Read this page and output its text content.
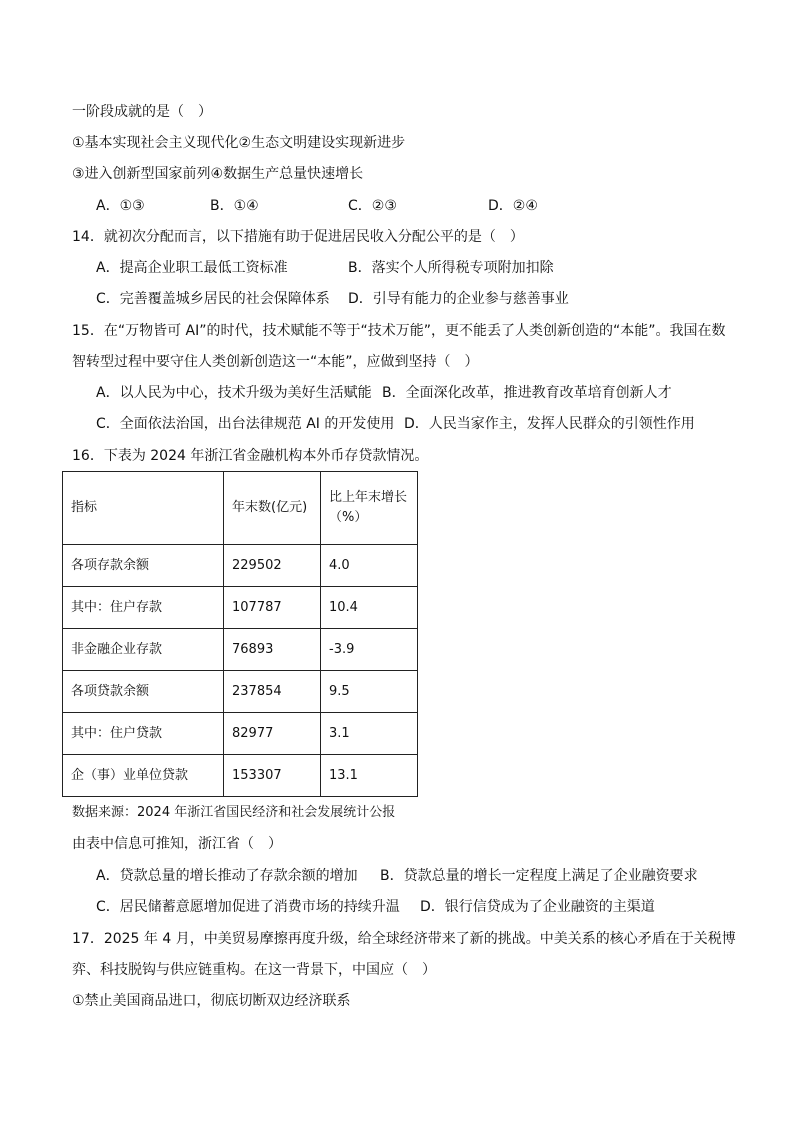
一阶段成就的是（　）
①基本实现社会主义现代化②生态文明建设实现新进步
③进入创新型国家前列④数据生产总量快速增长
A．①③	B．①④	C．②③	D．②④
14．就初次分配而言，以下措施有助于促进居民收入分配公平的是（　）
A．提高企业职工最低工资标准	B．落实个人所得税专项附加扣除
C．完善覆盖城乡居民的社会保障体系 D．引导有能力的企业参与慈善事业
15．在“万物皆可 AI”的时代，技术赋能不等于“技术万能”，更不能丢了人类创新创造的“本能”。我国在数
智转型过程中要守住人类创新创造这一“本能”，应做到坚持（　）
A．以人民为中心，技术升级为美好生活赋能 B．全面深化改革，推进教育改革培育创新人才
C．全面依法治国，出台法律规范 AI 的开发使用 D．人民当家作主，发挥人民群众的引领性作用
16．下表为 2024 年浙江省金融机构本外币存贷款情况。
指标	年末数(亿元)	比上年末增长（%）
各项存款余额	229502	4.0
其中：住户存款	107787	10.4
非金融企业存款	76893	-3.9
各项贷款余额	237854	9.5
其中：住户贷款	82977	3.1
企（事）业单位贷款	153307	13.1
数据来源：2024 年浙江省国民经济和社会发展统计公报
由表中信息可推知，浙江省（　）
A．贷款总量的增长推动了存款余额的增加 B．贷款总量的增长一定程度上满足了企业融资要求
C．居民储蓄意愿增加促进了消费市场的持续升温 D．银行信贷成为了企业融资的主渠道
17．2025 年 4 月，中美贸易摩擦再度升级，给全球经济带来了新的挑战。中美关系的核心矛盾在于关税博
弈、科技脱钩与供应链重构。在这一背景下，中国应（　）
①禁止美国商品进口，彻底切断双边经济联系
